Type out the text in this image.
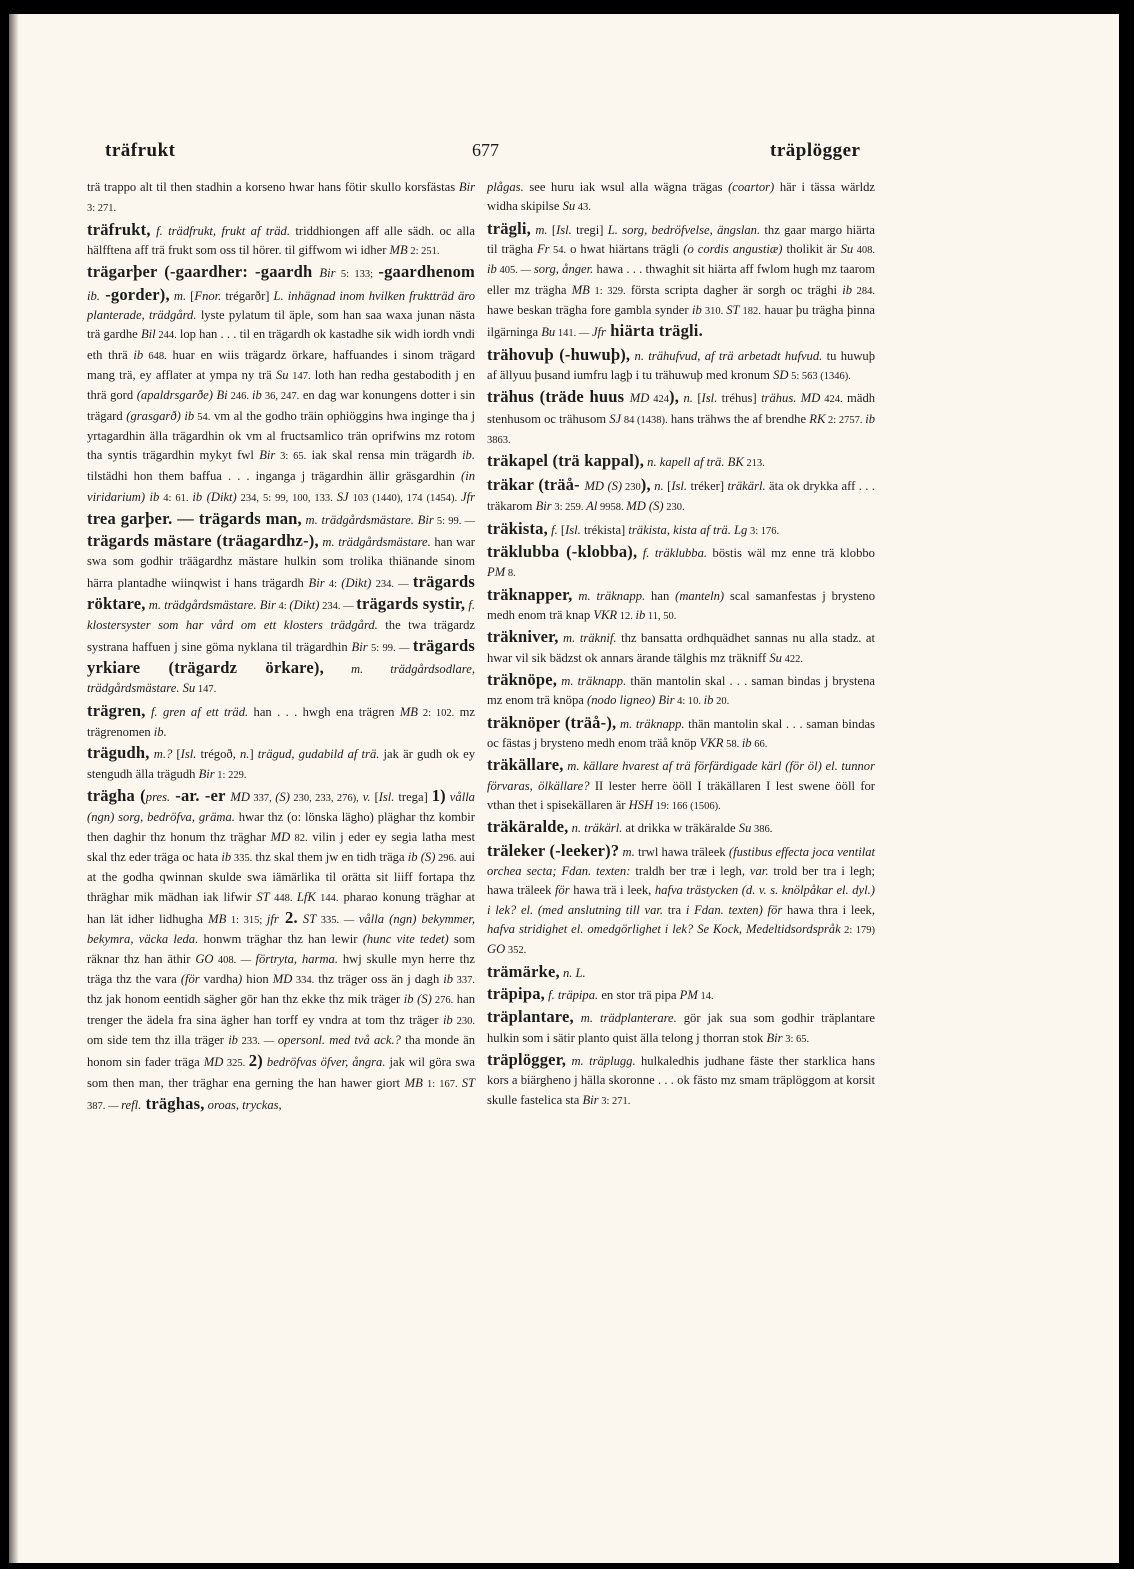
träfrukt	677	träplögger

trä trappo alt til then stadhin a korseno hwar hans fötir skullo korsfästas Bir 3: 271.

träfrukt, f. trädfrukt, frukt af träd. triddhiongen aff alle sädh. oc alla hälfftena aff trä frukt som oss til hörer. til giffwom wi idher MB 2: 251.

trägarþer (-gaardher: -gaardh Bir 5: 133; -gaardhenom ib. -gorder), m. [Fnor. trégarðr] L. inhägnad inom hvilken fruktträd äro planterade, trädgård. lyste pylatum til äple, som han saa waxa junan nästa trä gardhe Bil 244. lop han . . . til en trägardh ok kastadhe sik widh iordh vndi eth thrä ib 648. huar en wiis trägardz örkare, haffuandes i sinom trägard mang trä, ey afflater at ympa ny trä Su 147. loth han redha gestabodith j en thrä gord (apaldrsgarðe) Bi 246. ib 36, 247. en dag war konungens dotter i sin trägard (grasgarð) ib 54. vm al the godho träin ophiöggins hwa inginge tha j yrtagardhin älla trägardhin ok vm al fructsamlico trän oprifwins mz rotom tha syntis trägardhin mykyt fwl Bir 3: 65. iak skal rensa min trägardh ib. tilstädhi hon them baffua . . . inganga j trägardhin ällir gräsgardhin (in viridarium) ib 4: 61. ib (Dikt) 234, 5: 99, 100, 133. SJ 103 (1440), 174 (1454). Jfr trea garþer. — trägards man, m. trädgårdsmästare. Bir 5: 99. — trägards mästare (träagardhz-), m. trädgårdsmästare. han war swa som godhir träägardhz mästare hulkin som trolika thiänande sinom härra plantadhe wiinqwist i hans trägardh Bir 4: (Dikt) 234. — trägards röktare, m. trädgårdsmästare. Bir 4: (Dikt) 234. — trägards systir, f. klostersyster som har vård om ett klosters trädgård. the twa trägardz systrana haffuen j sine göma nyklana til trägardhin Bir 5: 99. — trägards yrkiare (trägardz örkare), m. trädgårdsodlare, trädgårdsmästare. Su 147.

trägren, f. gren af ett träd. han . . . hwgh ena trägren MB 2: 102. mz trägrenomen ib.

trägudh, m.? [Isl. trégoð, n.] trägud, gudabild af trä. jak är gudh ok ey stengudh älla trägudh Bir 1: 229.

trägha (pres. -ar. -er MD 337, (S) 230, 233, 276), v. [Isl. trega] 1) vålla (ngn) sorg, bedröfva, gräma. hwar thz (o: lönska lägho) pläghar thz kombir then daghir thz honum thz träghar MD 82. vilin j eder ey segia latha mest skal thz eder träga oc hata ib 335. thz skal them jw en tidh träga ib (S) 296. aui at the godha qwinnan skulde swa iämärlika til orätta sit liiff fortapa thz thräghar mik mädhan iak lifwir ST 448. LfK 144. pharao konung träghar at han lät idher lidhugha MB 1: 315; jfr 2. ST 335. — vålla (ngn) bekymmer, bekymra, väcka leda. honwm träghar thz han lewir (hunc vite tedet) som räknar thz han äthir GO 408. — förtryta, harma. hwj skulle myn herre thz träga thz the vara (för vardha) hion MD 334. thz träger oss än j dagh ib 337. thz jak honom eentidh sägher gör han thz ekke thz mik träger ib (S) 276. han trenger the ädela fra sina ägher han torff ey vndra at tom thz träger ib 230. om side tem thz illa träger ib 233. — opersonl. med två ack.? tha monde än honom sin fader träga MD 325. 2) bedröfvas öfver, ångra. jak wil göra swa som then man, ther träghar ena gerning the han hawer giort MB 1: 167. ST 387. — refl. träghas, oroas, tryckas,

plågas. see huru iak wsul alla wägna trägas (coartor) här i tässa wärldz widha skipilse Su 43.

trägli, m. [Isl. tregi] L. sorg, bedröfvelse, ängslan. thz gaar margo hiärta til trägha Fr 54. o hwat hiärtans trägli (o cordis angustiæ) tholikit är Su 408. ib 405. — sorg, ånger. hawa . . . thwaghit sit hiärta aff fwlom hugh mz taarom eller mz trägha MB 1: 329. första scripta dagher är sorgh oc träghi ib 284. hawe beskan trägha fore gambla synder ib 310. ST 182. hauar þu trägha þinna ilgärninga Bu 141. — Jfr hiärta trägli.

trähovuþ (-huwuþ), n. trähufvud, af trä arbetadt hufvud. tu huwuþ af ällyuu þusand iumfru lagþ i tu trähuwuþ med kronum SD 5: 563 (1346).

trähus (träde huus MD 424), n. [Isl. tréhus] trähus. MD 424. mädh stenhusom oc trähusom SJ 84 (1438). hans trähws the af brendhe RK 2: 2757. ib 3863.

träkapel (trä kappal), n. kapell af trä. BK 213.

träkar (träå- MD (S) 230), n. [Isl. tréker] träkärl. äta ok drykka aff . . . träkarom Bir 3: 259. Al 9958. MD (S) 230.

träkista, f. [Isl. trékista] träkista, kista af trä. Lg 3: 176.

träklubba (-klobba), f. träklubba. böstis wäl mz enne trä klobbo PM 8.

träknapper, m. träknapp. han (manteln) scal samanfestas j brysteno medh enom trä knap VKR 12. ib 11, 50.

träkniver, m. träknif. thz bansatta ordhquädhet sannas nu alla stadz. at hwar vil sik bädzst ok annars ärande tälghis mz träkniff Su 422.

träknöpe, m. träknapp. thän mantolin skal . . . saman bindas j brystena mz enom trä knöpa (nodo ligneo) Bir 4: 10. ib 20.

träknöper (träå-), m. träknapp. thän mantolin skal . . . saman bindas oc fästas j brysteno medh enom träå knöp VKR 58. ib 66.

träkällare, m. källare hvarest af trä förfärdigade kärl (för öl) el. tunnor förvaras, ölkällare? II lester herre ööll I träkällaren I lest swene ööll for vthan thet i spisekällaren är HSH 19: 166 (1506).

träkäralde, n. träkärl. at drikka w träkäralde Su 386.

träleker (-leeker)? m. trwl hawa träleek (fustibus effecta joca ventilat orchea secta; Fdan. texten: traldh ber træ i legh, var. trold ber tra i legh; hawa träleek för hawa trä i leek, hafva trästycken (d. v. s. knölpåkar el. dyl.) i lek? el. (med anslutning till var. tra i Fdan. texten) för hawa thra i leek, hafva stridighet el. omedgörlighet i lek? Se Kock, Medeltidsordspråk 2: 179) GO 352.

trämärke, n. L.

träpipa, f. träpipa. en stor trä pipa PM 14.

träplantare, m. trädplanterare. gör jak sua som godhir träplantare hulkin som i sätir planto quist älla telong j thorran stok Bir 3: 65.

träplögger, m. träplugg. hulkaledhis judhane fäste ther starklica hans kors a biärgheno j hälla skoronne . . . ok fästo mz smam träplöggom at korsit skulle fastelica sta Bir 3: 271.
